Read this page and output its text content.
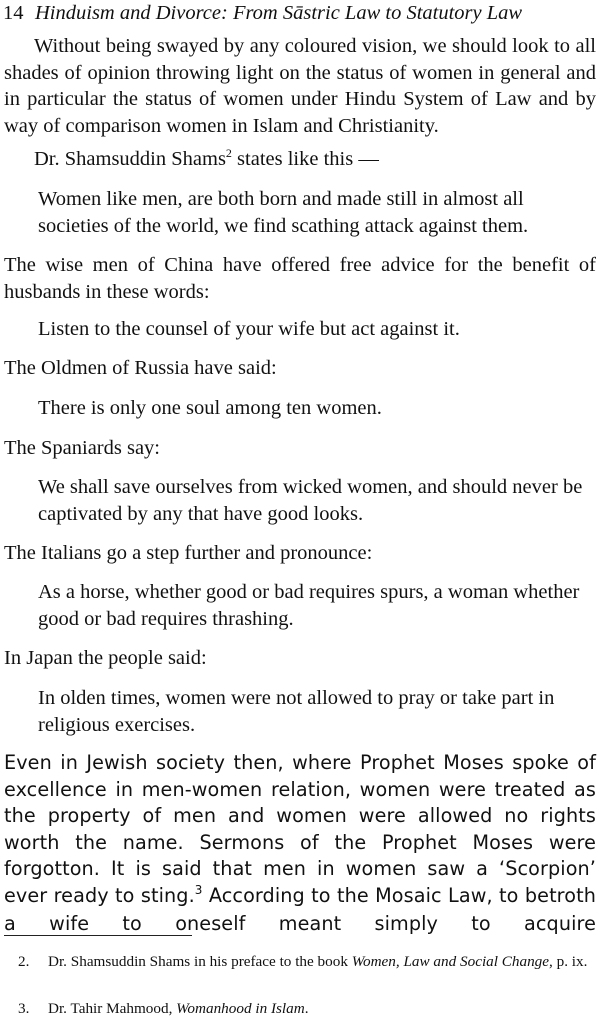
14 Hinduism and Divorce: From Sāstric Law to Statutory Law
Without being swayed by any coloured vision, we should look to all shades of opinion throwing light on the status of women in general and in particular the status of women under Hindu System of Law and by way of comparison women in Islam and Christianity.
Dr. Shamsuddin Shams$^2$ states like this —
Women like men, are both born and made still in almost all societies of the world, we find scathing attack against them.
The wise men of China have offered free advice for the benefit of husbands in these words:
Listen to the counsel of your wife but act against it.
The Oldmen of Russia have said:
There is only one soul among ten women.
The Spaniards say:
We shall save ourselves from wicked women, and should never be captivated by any that have good looks.
The Italians go a step further and pronounce:
As a horse, whether good or bad requires spurs, a woman whether good or bad requires thrashing.
In Japan the people said:
In olden times, women were not allowed to pray or take part in religious exercises.
Even in Jewish society then, where Prophet Moses spoke of excellence in men-women relation, women were treated as the property of men and women were allowed no rights worth the name. Sermons of the Prophet Moses were forgotton. It is said that men in women saw a ‘Scorpion’ ever ready to sting.$^3$ According to the Mosaic Law, to betroth a wife to oneself meant simply to acquire
2. Dr. Shamsuddin Shams in his preface to the book Women, Law and Social Change, p. ix.
3. Dr. Tahir Mahmood, Womanhood in Islam.
